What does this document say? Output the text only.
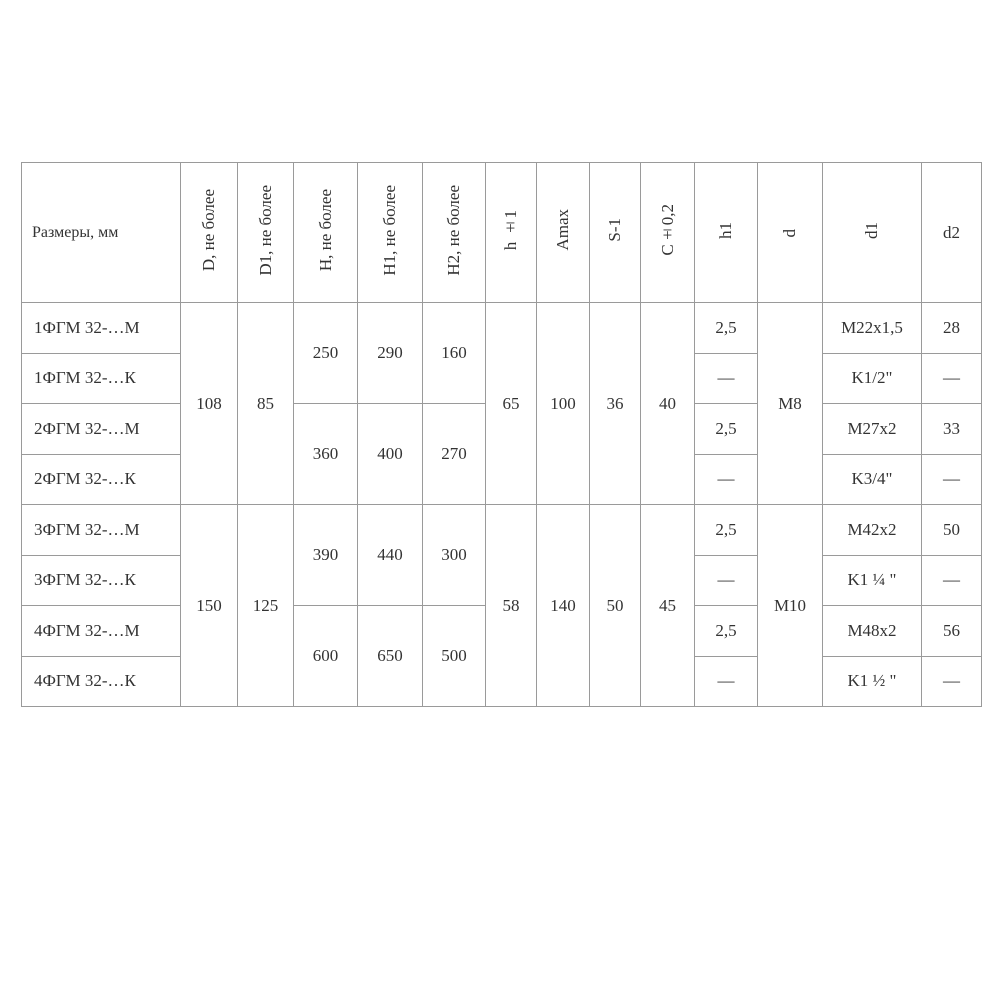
Размеры, мм	D, не более	D1, не более	H, не более	H1, не более	H2, не более	h ±1	Amax	S-1	C±0,2	h1	d	d1	d2
1ФГМ 32-…М	108	85	250	290	160	65	100	36	40	2,5	M8	M22x1,5	28
1ФГМ 32-…К										—		K1/2"	—
2ФГМ 32-…М			360	400	270					2,5		M27x2	33
2ФГМ 32-…К										—		K3/4"	—
3ФГМ 32-…М	150	125	390	440	300	58	140	50	45	2,5	M10	M42x2	50
3ФГМ 32-…К										—		K1 ¼ "	—
4ФГМ 32-…М			600	650	500					2,5		M48x2	56
4ФГМ 32-…К										—		K1 ½ "	—
